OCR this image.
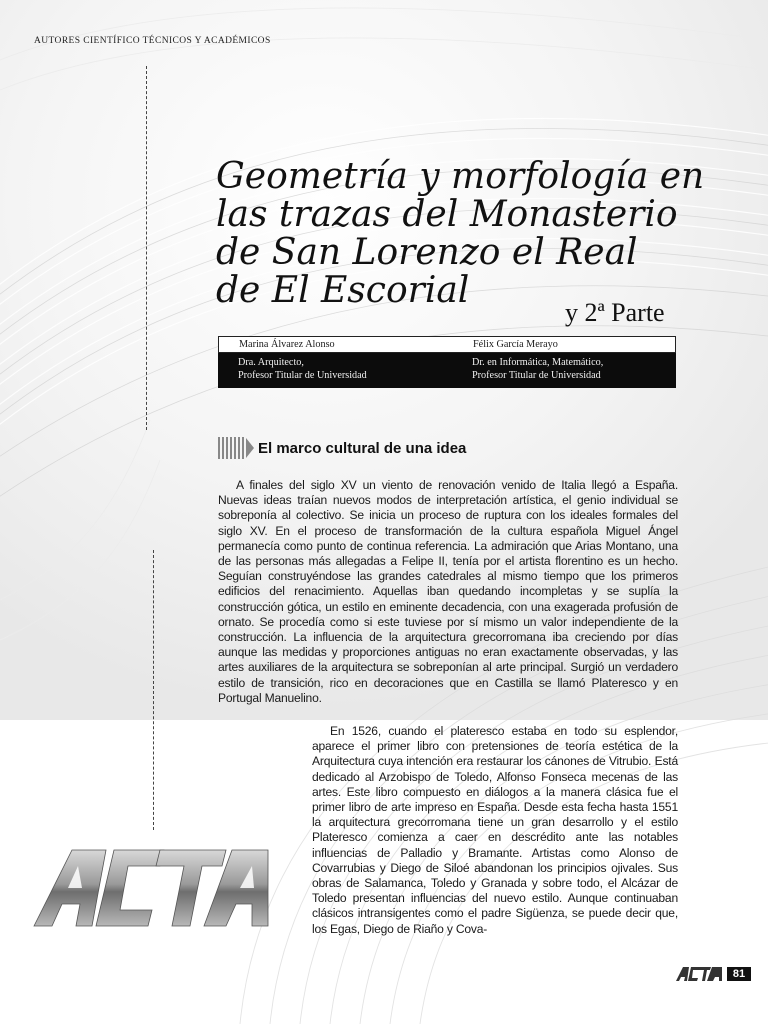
AUTORES CIENTÍFICO TÉCNICOS Y ACADÉMICOS
Geometría y morfología en
las trazas del Monasterio
de San Lorenzo el Real
de El Escorial
y 2ª Parte
Marina Álvarez Alonso	Félix García Merayo
Dra. Arquitecto,
Profesor Titular de Universidad
Dr. en Informática, Matemático,
Profesor Titular de Universidad
El marco cultural de una idea
A finales del siglo XV un viento de renovación venido de Italia llegó a España. Nuevas ideas traían nuevos modos de interpretación artística, el genio individual se sobreponía al colectivo. Se inicia un proceso de ruptura con los ideales formales del siglo XV. En el proceso de transformación de la cultura española Miguel Ángel permanecía como punto de continua referencia. La admiración que Arias Montano, una de las personas más allegadas a Felipe II, tenía por el artista florentino es un hecho. Seguían construyéndose las grandes catedrales al mismo tiempo que los primeros edificios del renacimiento. Aquellas iban quedando incompletas y se suplía la construcción gótica, un estilo en eminente decadencia, con una exagerada profusión de ornato. Se procedía como si este tuviese por sí mismo un valor independiente de la construcción. La influencia de la arquitectura grecorromana iba creciendo por días aunque las medidas y proporciones antiguas no eran exactamente observadas, y las artes auxiliares de la arquitectura se sobreponían al arte principal. Surgió un verdadero estilo de transición, rico en decoraciones que en Castilla se llamó Plateresco y en Portugal Manuelino.
En 1526, cuando el plateresco estaba en todo su esplendor, aparece el primer libro con pretensiones de teoría estética de la Arquitectura cuya intención era restaurar los cánones de Vitrubio. Está dedicado al Arzobispo de Toledo, Alfonso Fonseca mecenas de las artes. Este libro compuesto en diálogos a la manera clásica fue el primer libro de arte impreso en España. Desde esta fecha hasta 1551 la arquitectura grecorromana tiene un gran desarrollo y el estilo Plateresco comienza a caer en descrédito ante las notables influencias de Palladio y Bramante. Artistas como Alonso de Covarrubias y Diego de Siloé abandonan los principios ojivales. Sus obras de Salamanca, Toledo y Granada y sobre todo, el Alcázar de Toledo presentan influencias del nuevo estilo. Aunque continuaban clásicos intransigentes como el padre Sigüenza, se puede decir que, los Egas, Diego de Riaño y Cova-
81
